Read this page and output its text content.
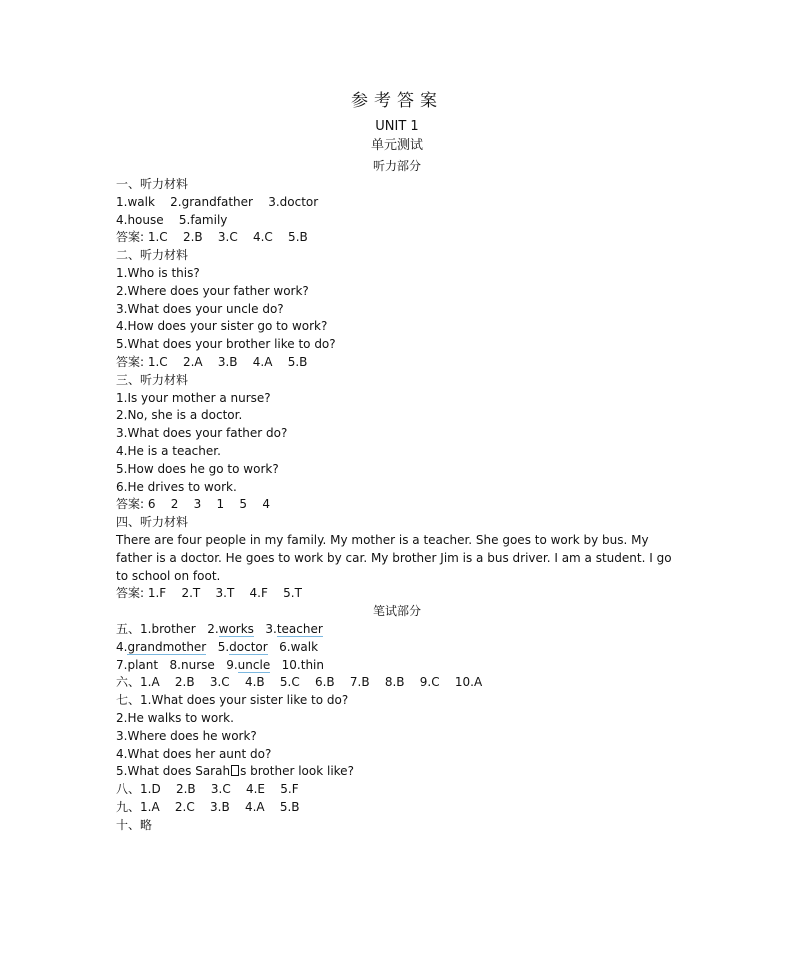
参考答案
UNIT 1
单元测试
听力部分
一、听力材料
1.walk    2.grandfather    3.doctor
4.house    5.family
答案: 1.C    2.B    3.C    4.C    5.B
二、听力材料
1.Who is this?
2.Where does your father work?
3.What does your uncle do?
4.How does your sister go to work?
5.What does your brother like to do?
答案: 1.C    2.A    3.B    4.A    5.B
三、听力材料
1.Is your mother a nurse?
2.No, she is a doctor.
3.What does your father do?
4.He is a teacher.
5.How does he go to work?
6.He drives to work.
答案: 6    2    3    1    5    4
四、听力材料
There are four people in my family. My mother is a teacher. She goes to work by bus. My father is a doctor. He goes to work by car. My brother Jim is a bus driver. I am a student. I go to school on foot.
答案: 1.F    2.T    3.T    4.F    5.T
笔试部分
五、1.brother 2.works 3.teacher
4.grandmother 5.doctor 6.walk
7.plant 8.nurse 9.uncle 10.thin
六、1.A    2.B    3.C    4.B    5.C    6.B    7.B    8.B    9.C    10.A
七、1.What does your sister like to do?
2.He walks to work.
3.Where does he work?
4.What does her aunt do?
5.What does Sarah s brother look like?
八、1.D    2.B    3.C    4.E    5.F
九、1.A    2.C    3.B    4.A    5.B
十、略
